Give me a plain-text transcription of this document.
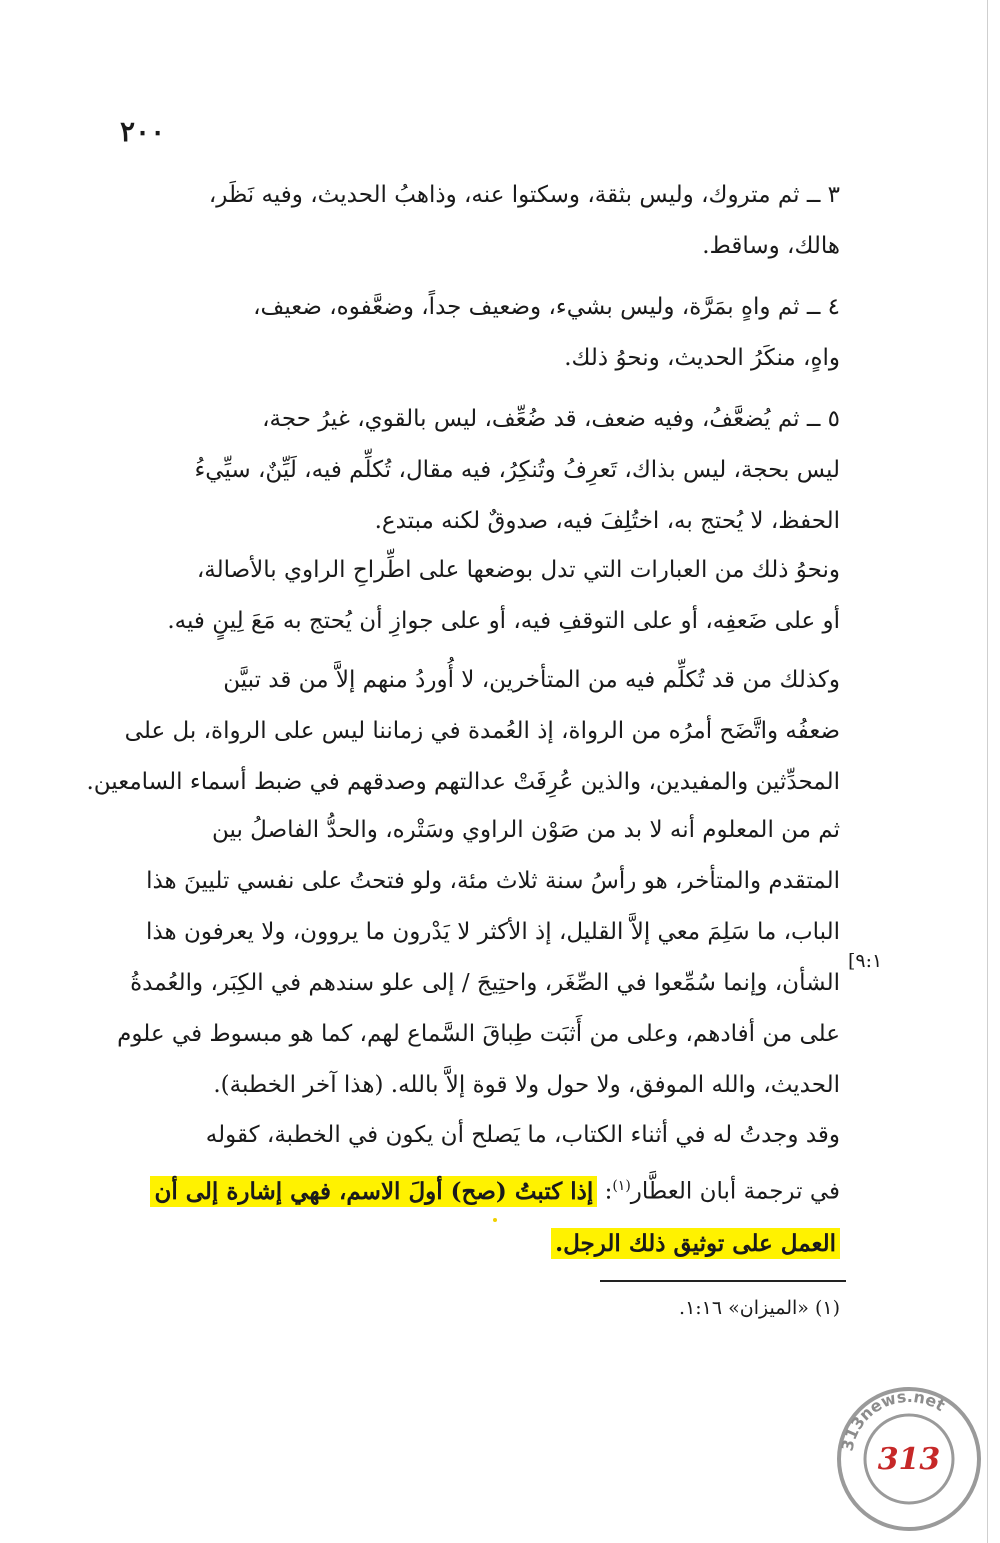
٢٠٠
٣ ــ ثم متروك، وليس بثقة، وسكتوا عنه، وذاهبُ الحديث، وفيه نَظَر،
هالك، وساقط.
٤ ــ ثم واهٍ بمَرَّة، وليس بشيء، وضعيف جداً، وضعَّفوه، ضعيف،
واهٍ، منكَرُ الحديث، ونحوُ ذلك.
٥ ــ ثم يُضعَّفُ، وفيه ضعف، قد ضُعِّف، ليس بالقوي، غيرُ حجة،
ليس بحجة، ليس بذاك، تَعرِفُ وتُنكِرُ، فيه مقال، تُكلِّم فيه، لَيِّنٌ، سيِّيءُ
الحفظ، لا يُحتج به، اختُلِفَ فيه، صدوقٌ لكنه مبتدع.
ونحوُ ذلك من العبارات التي تدل بوضعها على اطِّراحِ الراوي بالأصالة،
أو على ضَعفِه، أو على التوقفِ فيه، أو على جوازِ أن يُحتج به مَعَ لِينٍ فيه.
وكذلك من قد تُكلِّم فيه من المتأخرين، لا أُوردُ منهم إلاَّ من قد تبيَّن
ضعفُه واتَّضَح أمرُه من الرواة، إذ العُمدة في زماننا ليس على الرواة، بل على
المحدِّثين والمفيدين، والذين عُرِفَتْ عدالتهم وصدقهم في ضبط أسماء السامعين.
ثم من المعلوم أنه لا بد من صَوْن الراوي وسَتْره، والحدُّ الفاصلُ بين
المتقدم والمتأخر، هو رأسُ سنة ثلاث مئة، ولو فتحتُ على نفسي تليينَ هذا
الباب، ما سَلِمَ معي إلاَّ القليل، إذ الأكثر لا يَدْرون ما يروون، ولا يعرفون هذا
الشأن، وإنما سُمِّعوا في الصِّغَر، واحتِيجَ / إلى علو سندهم في الكِبَر، والعُمدةُ
على من أفادهم، وعلى من أَثبَت طِباقَ السَّماع لهم، كما هو مبسوط في علوم
الحديث، والله الموفق، ولا حول ولا قوة إلاَّ بالله. (هذا آخر الخطبة).
[٩:١
وقد وجدتُ له في أثناء الكتاب، ما يَصلح أن يكون في الخطبة، كقوله
في ترجمة أبان العطَّار$^{(١)}$: إذا كتبتُ (صح) أولَ الاسم، فهي إشارة إلى أن
العمل على توثيق ذلك الرجل.
(١) «الميزان» ١:١٦.
313news.net
313
